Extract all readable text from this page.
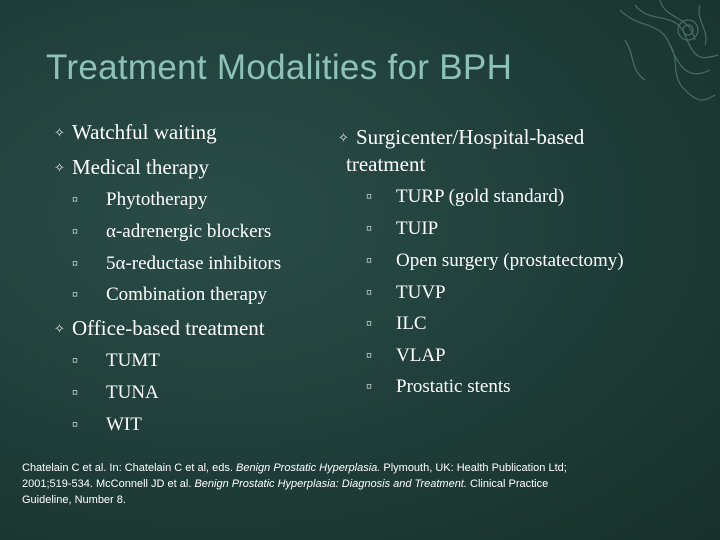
Treatment Modalities for BPH
✧ Watchful waiting
✧ Medical therapy
¤ Phytotherapy
¤ α-adrenergic blockers
¤ 5α-reductase inhibitors
¤ Combination therapy
✧ Office-based treatment
¤ TUMT
¤ TUNA
¤ WIT
✧ Surgicenter/Hospital-based
treatment
¤ TURP (gold standard)
¤ TUIP
¤ Open surgery (prostatectomy)
¤ TUVP
¤ ILC
¤ VLAP
¤ Prostatic stents
Chatelain C et al. In: Chatelain C et al, eds. Benign Prostatic Hyperplasia. Plymouth, UK: Health Publication Ltd; 2001;519-534. McConnell JD et al. Benign Prostatic Hyperplasia: Diagnosis and Treatment. Clinical Practice Guideline, Number 8.
